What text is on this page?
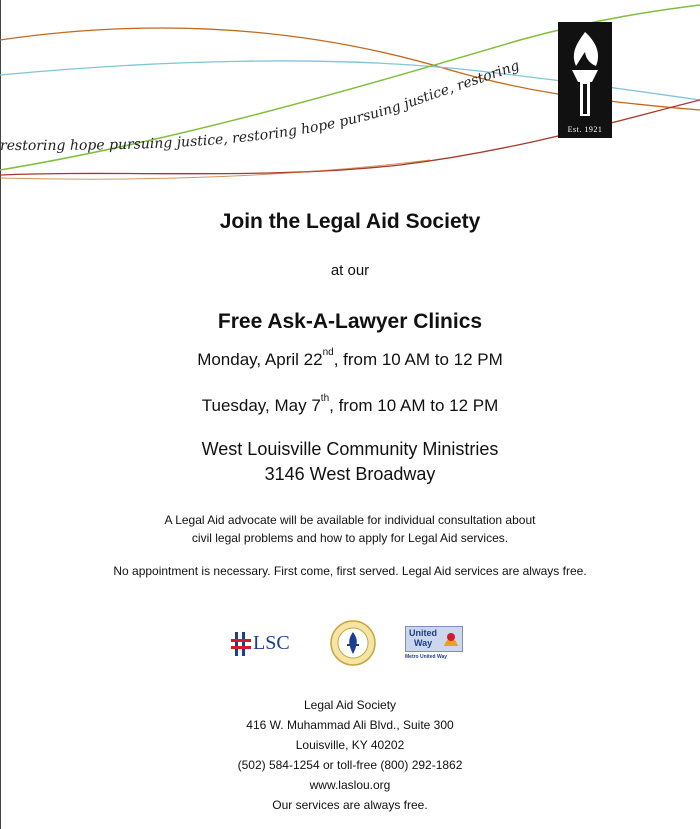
restoring hope pursuing justice, restoring hope pursuing justice, restoring
Est. 1921
Join the Legal Aid Society
at our
Free Ask-A-Lawyer Clinics
Monday, April 22nd, from 10 AM to 12 PM
Tuesday, May 7th, from 10 AM to 12 PM
West Louisville Community Ministries
3146 West Broadway
A Legal Aid advocate will be available for individual consultation about
civil legal problems and how to apply for Legal Aid services.
No appointment is necessary. First come, first served. Legal Aid services are always free.
LSC	United
Way
Metro United Way
Legal Aid Society
416 W. Muhammad Ali Blvd., Suite 300
Louisville, KY 40202
(502) 584-1254 or toll-free (800) 292-1862
www.laslou.org
Our services are always free.
